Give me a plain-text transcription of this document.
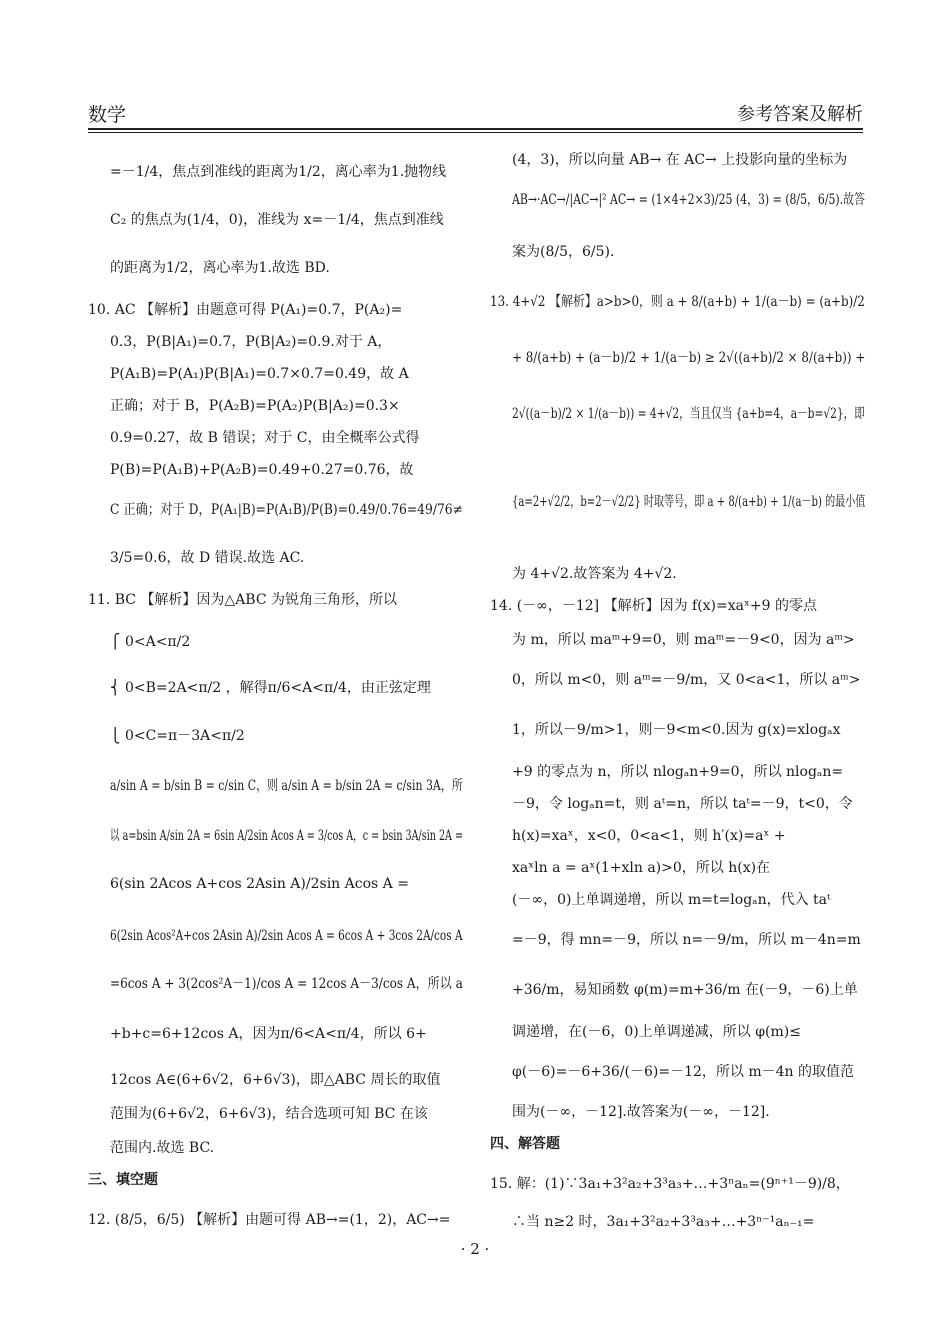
数学	参考答案及解析
=－1/4，焦点到准线的距离为1/2，离心率为1.抛物线
C₂ 的焦点为(1/4，0)，准线为 x=－1/4，焦点到准线
的距离为1/2，离心率为1.故选 BD.
10. AC 【解析】由题意可得 P(A₁)=0.7，P(A₂)=
0.3，P(B|A₁)=0.7，P(B|A₂)=0.9.对于 A，
P(A₁B)=P(A₁)P(B|A₁)=0.7×0.7=0.49，故 A
正确；对于 B，P(A₂B)=P(A₂)P(B|A₂)=0.3×
0.9=0.27，故 B 错误；对于 C，由全概率公式得
P(B)=P(A₁B)+P(A₂B)=0.49+0.27=0.76，故
C 正确；对于 D，P(A₁|B)=P(A₁B)/P(B)=0.49/0.76=49/76≠
3/5=0.6，故 D 错误.故选 AC.
11. BC 【解析】因为△ABC 为锐角三角形，所以
⎧ 0<A<π/2
⎨ 0<B=2A<π/2 ，解得π/6<A<π/4，由正弦定理
⎩ 0<C=π－3A<π/2
a/sin A = b/sin B = c/sin C，则 a/sin A = b/sin 2A = c/sin 3A，所
以 a=bsin A/sin 2A = 6sin A/2sin Acos A = 3/cos A，c = bsin 3A/sin 2A =
6(sin 2Acos A+cos 2Asin A)/2sin Acos A =
6(2sin Acos²A+cos 2Asin A)/2sin Acos A = 6cos A + 3cos 2A/cos A
=6cos A + 3(2cos²A－1)/cos A = 12cos A－3/cos A，所以 a
+b+c=6+12cos A，因为π/6<A<π/4，所以 6+
12cos A∈(6+6√2，6+6√3)，即△ABC 周长的取值
范围为(6+6√2，6+6√3)，结合选项可知 BC 在该
范围内.故选 BC.
三、填空题
12. (8/5，6/5) 【解析】由题可得 AB→=(1，2)，AC→=
(4，3)，所以向量 AB→ 在 AC→ 上投影向量的坐标为
AB→·AC→/|AC→|² AC→ = (1×4+2×3)/25 (4，3) = (8/5，6/5).故答
案为(8/5，6/5).
13. 4+√2 【解析】a>b>0，则 a + 8/(a+b) + 1/(a－b) = (a+b)/2
+ 8/(a+b) + (a－b)/2 + 1/(a－b) ≥ 2√((a+b)/2 × 8/(a+b)) +
2√((a－b)/2 × 1/(a－b)) = 4+√2，当且仅当 {a+b=4，a－b=√2}，即
{a=2+√2/2，b=2－√2/2} 时取等号，即 a + 8/(a+b) + 1/(a－b) 的最小值
为 4+√2.故答案为 4+√2.
14. (－∞，－12] 【解析】因为 f(x)=xaˣ+9 的零点
为 m，所以 maᵐ+9=0，则 maᵐ=－9<0，因为 aᵐ>
0，所以 m<0，则 aᵐ=－9/m，又 0<a<1，所以 aᵐ>
1，所以－9/m>1，则－9<m<0.因为 g(x)=xlogₐx
+9 的零点为 n，所以 nlogₐn+9=0，所以 nlogₐn=
－9，令 logₐn=t，则 aᵗ=n，所以 taᵗ=－9，t<0，令
h(x)=xaˣ，x<0，0<a<1，则 h′(x)=aˣ +
xaˣln a = aˣ(1+xln a)>0，所以 h(x)在
(－∞，0)上单调递增，所以 m=t=logₐn，代入 taᵗ
=－9，得 mn=－9，所以 n=－9/m，所以 m－4n=m
+36/m，易知函数 φ(m)=m+36/m 在(－9，－6)上单
调递增，在(－6，0)上单调递减，所以 φ(m)≤
φ(－6)=－6+36/(－6)=－12，所以 m－4n 的取值范
围为(－∞，－12].故答案为(－∞，－12].
四、解答题
15. 解：(1)∵3a₁+3²a₂+3³a₃+…+3ⁿaₙ=(9ⁿ⁺¹－9)/8，
∴当 n≥2 时，3a₁+3²a₂+3³a₃+…+3ⁿ⁻¹aₙ₋₁=
· 2 ·
